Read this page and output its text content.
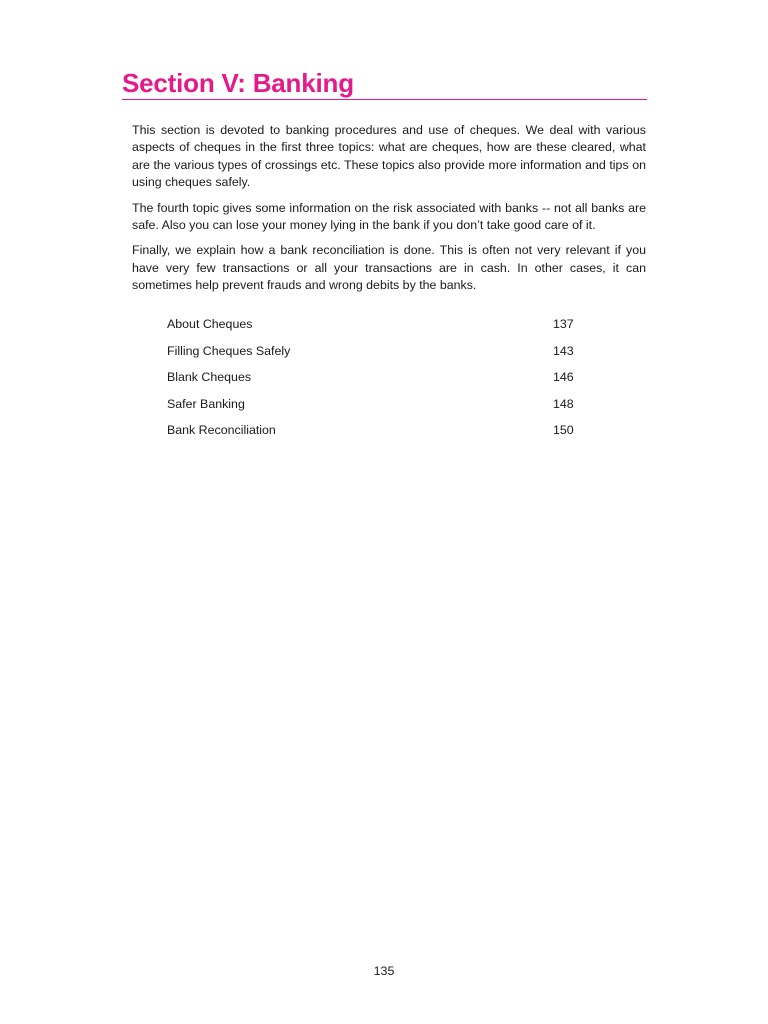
Section V: Banking

This section is devoted to banking procedures and use of cheques. We deal with various aspects of cheques in the first three topics: what are cheques, how are these cleared, what are the various types of crossings etc. These topics also provide more information and tips on using cheques safely.

The fourth topic gives some information on the risk associated with banks -- not all banks are safe. Also you can lose your money lying in the bank if you don’t take good care of it.

Finally, we explain how a bank reconciliation is done. This is often not very relevant if you have very few transactions or all your transactions are in cash. In other cases, it can sometimes help prevent frauds and wrong debits by the banks.

About Cheques	137
Filling Cheques Safely	143
Blank Cheques	146
Safer Banking	148
Bank Reconciliation	150
135
